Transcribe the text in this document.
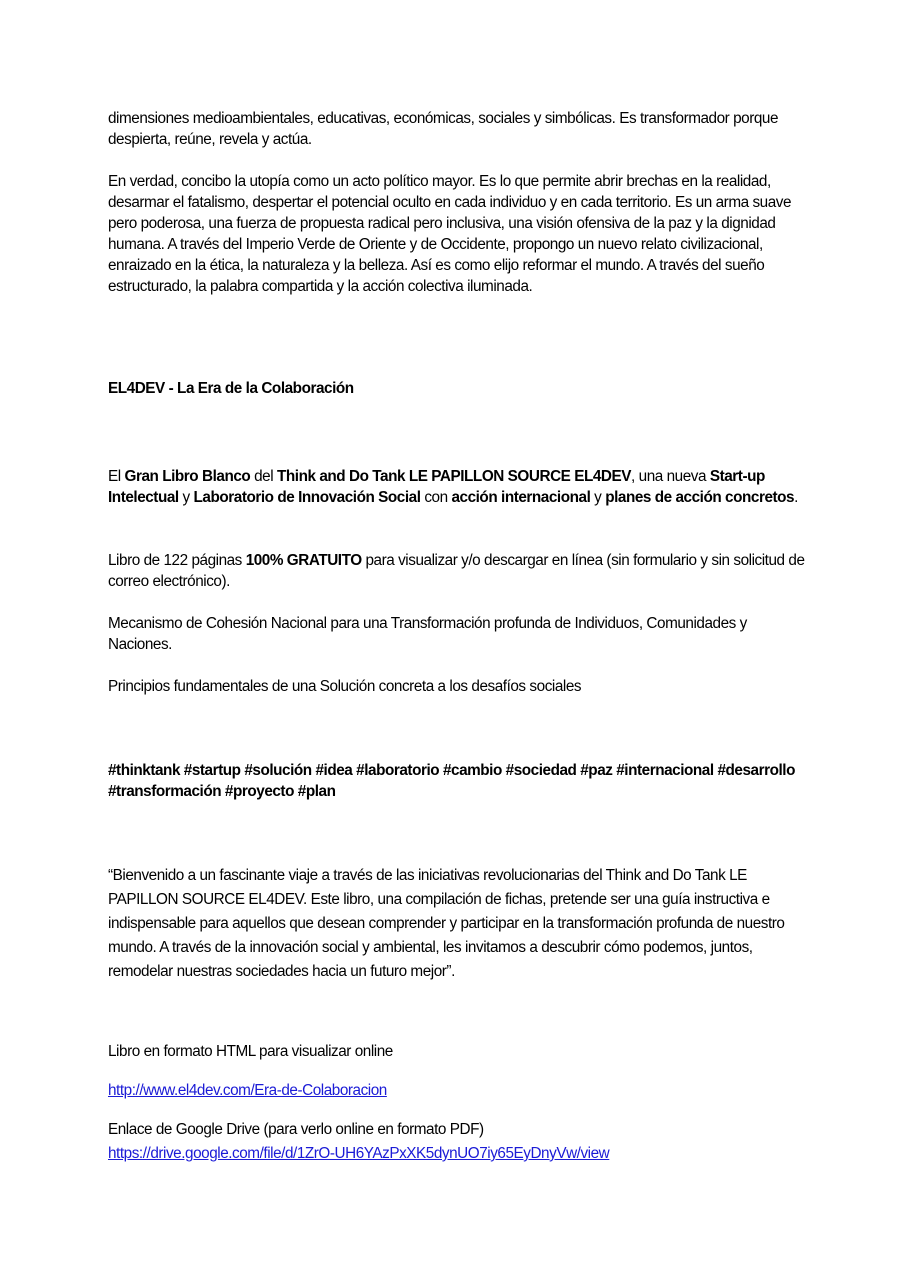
dimensiones medioambientales, educativas, económicas, sociales y simbólicas. Es transformador porque despierta, reúne, revela y actúa.

En verdad, concibo la utopía como un acto político mayor. Es lo que permite abrir brechas en la realidad, desarmar el fatalismo, despertar el potencial oculto en cada individuo y en cada territorio. Es un arma suave pero poderosa, una fuerza de propuesta radical pero inclusiva, una visión ofensiva de la paz y la dignidad humana. A través del Imperio Verde de Oriente y de Occidente, propongo un nuevo relato civilizacional, enraizado en la ética, la naturaleza y la belleza. Así es como elijo reformar el mundo. A través del sueño estructurado, la palabra compartida y la acción colectiva iluminada.

EL4DEV - La Era de la Colaboración

El Gran Libro Blanco del Think and Do Tank LE PAPILLON SOURCE EL4DEV, una nueva Start-up Intelectual y Laboratorio de Innovación Social con acción internacional y planes de acción concretos.

Libro de 122 páginas 100% GRATUITO para visualizar y/o descargar en línea (sin formulario y sin solicitud de correo electrónico).

Mecanismo de Cohesión Nacional para una Transformación profunda de Individuos, Comunidades y Naciones.

Principios fundamentales de una Solución concreta a los desafíos sociales

#thinktank #startup #solución #idea #laboratorio #cambio #sociedad #paz #internacional #desarrollo #transformación #proyecto #plan

“Bienvenido a un fascinante viaje a través de las iniciativas revolucionarias del Think and Do Tank LE PAPILLON SOURCE EL4DEV. Este libro, una compilación de fichas, pretende ser una guía instructiva e indispensable para aquellos que desean comprender y participar en la transformación profunda de nuestro mundo. A través de la innovación social y ambiental, les invitamos a descubrir cómo podemos, juntos, remodelar nuestras sociedades hacia un futuro mejor”.

Libro en formato HTML para visualizar online

http://www.el4dev.com/Era-de-Colaboracion

Enlace de Google Drive (para verlo online en formato PDF)

https://drive.google.com/file/d/1ZrO-UH6YAzPxXK5dynUO7iy65EyDnyVw/view
